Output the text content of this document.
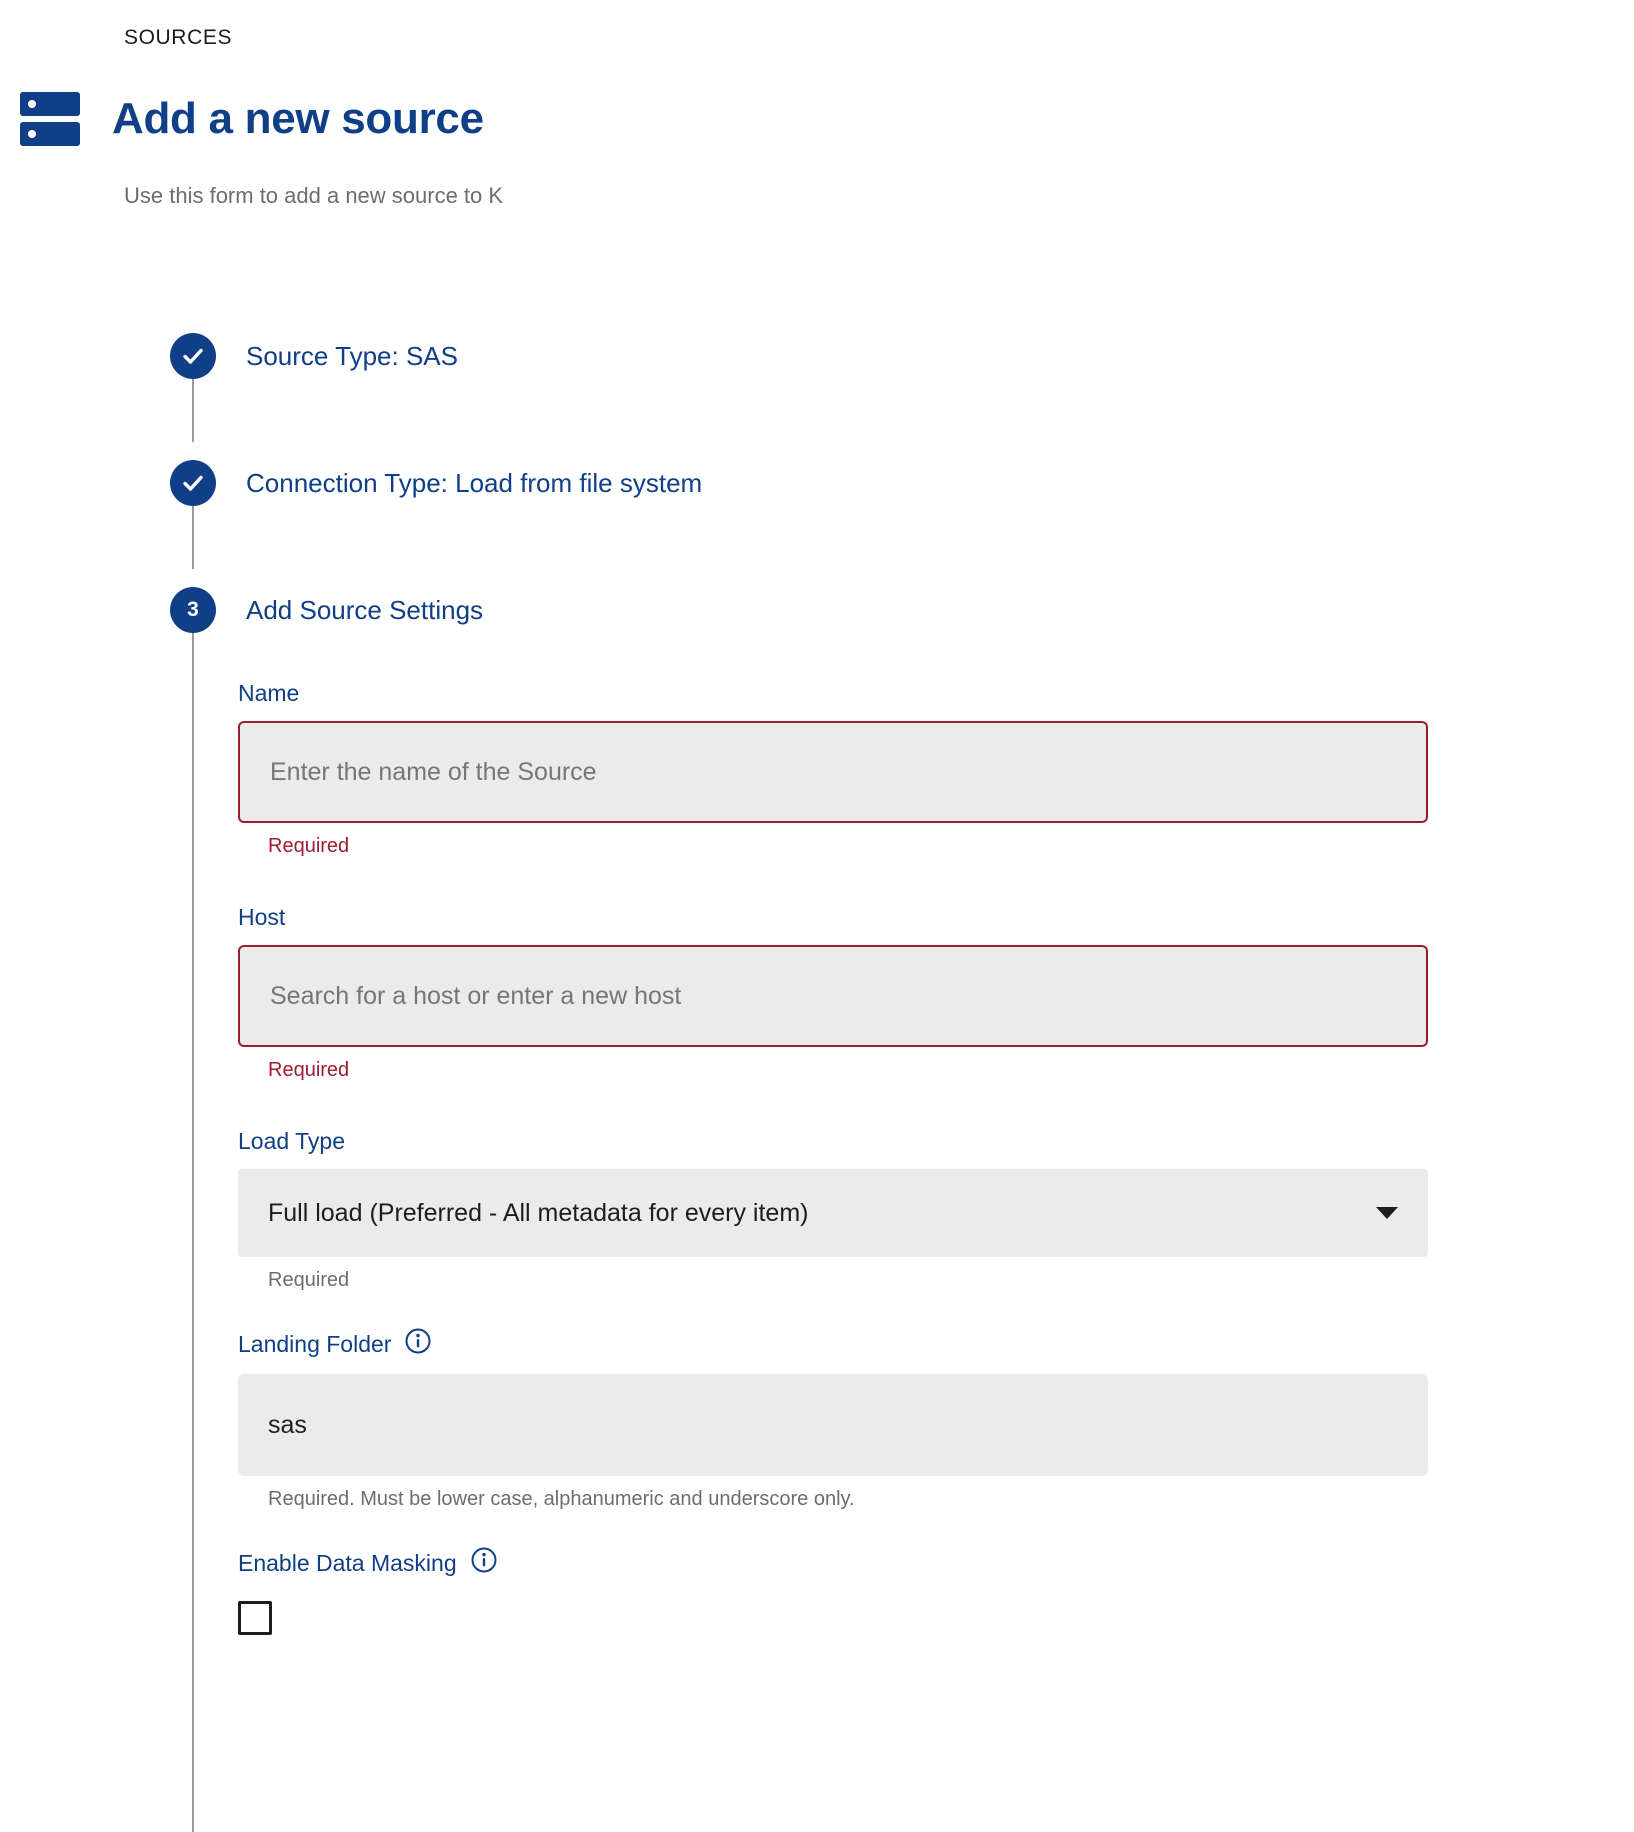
SOURCES
Add a new source
Use this form to add a new source to K
Source Type: SAS
Connection Type: Load from file system
3	Add Source Settings
Name
Enter the name of the Source
Required
Host
Search for a host or enter a new host
Required
Load Type
Full load (Preferred - All metadata for every item)
Required
Landing Folder
sas
Required. Must be lower case, alphanumeric and underscore only.
Enable Data Masking
